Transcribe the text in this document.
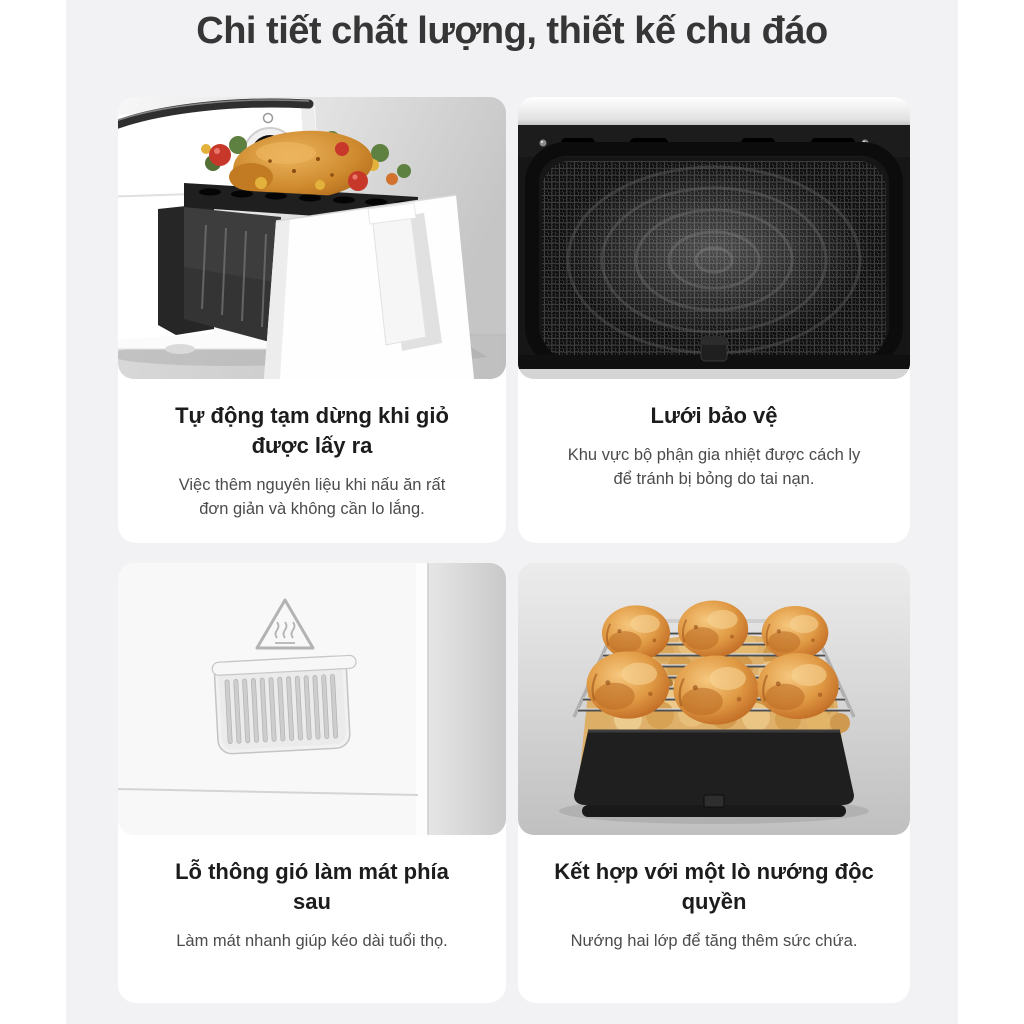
Chi tiết chất lượng, thiết kế chu đáo
Tự động tạm dừng khi giỏ
được lấy ra

Việc thêm nguyên liệu khi nấu ăn rất
đơn giản và không cần lo lắng.

Lưới bảo vệ

Khu vực bộ phận gia nhiệt được cách ly
để tránh bị bỏng do tai nạn.

Lỗ thông gió làm mát phía
sau

Làm mát nhanh giúp kéo dài tuổi thọ.

Kết hợp với một lò nướng độc
quyền

Nướng hai lớp để tăng thêm sức chứa.
